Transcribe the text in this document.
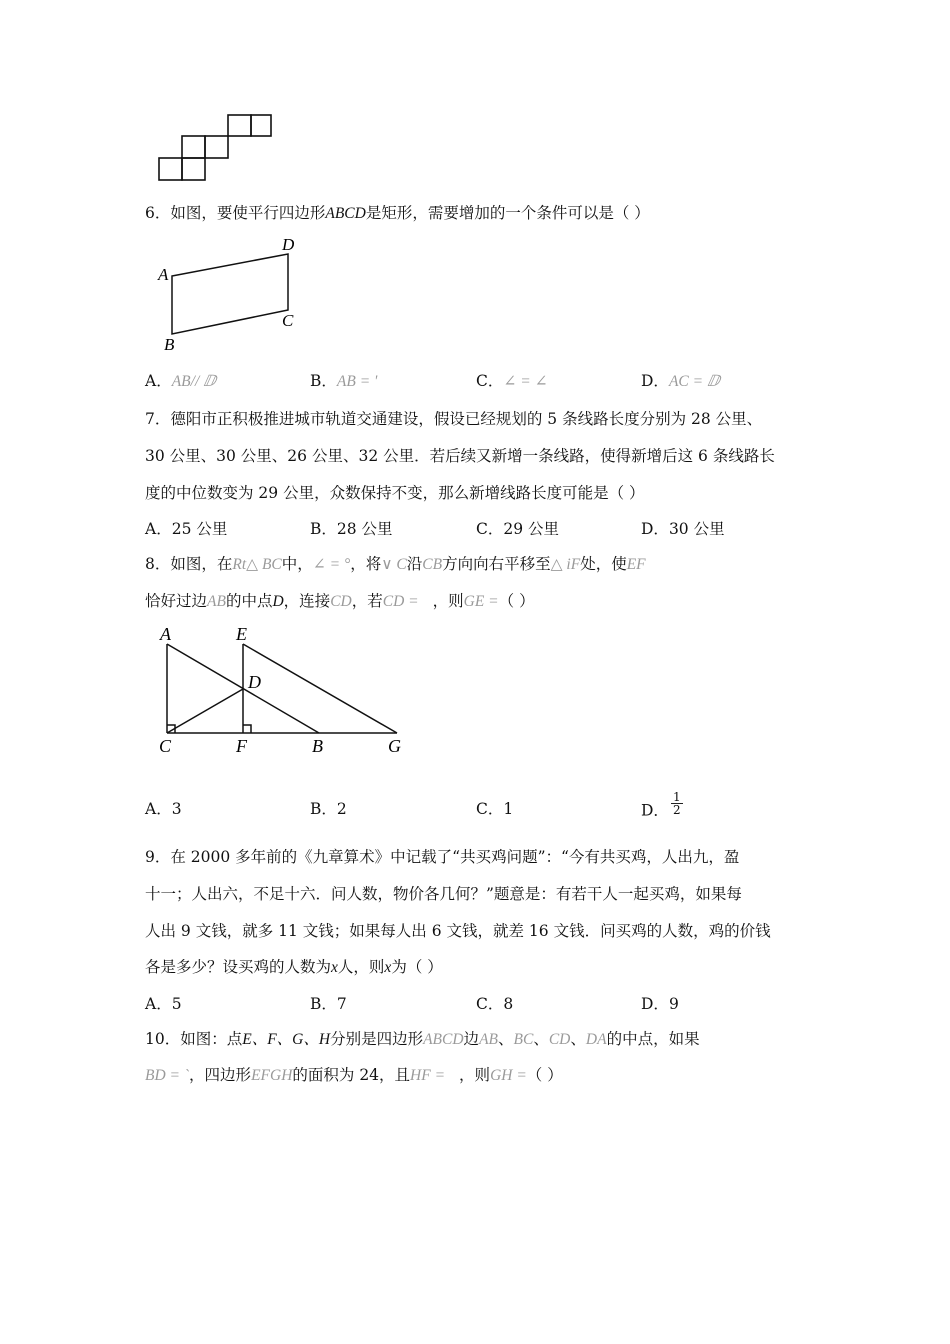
6．如图，要使平行四边形ABCD是矩形，需要增加的一个条件可以是（ ）
A
D
C
B
A．AB// ⅅ	B．AB = '	C．∠ = ∠	D．AC = ⅅ
7．德阳市正积极推进城市轨道交通建设，假设已经规划的 5 条线路长度分别为 28 公里、
30 公里、30 公里、26 公里、32 公里．若后续又新增一条线路，使得新增后这 6 条线路长
度的中位数变为 29 公里，众数保持不变，那么新增线路长度可能是（ ）
A．25 公里	B．28 公里	C．29 公里	D．30 公里
8．如图，在Rt△ BC中，∠ = °，将∨ C沿CB方向向右平移至△ iF处，使EF
恰好过边AB的中点D，连接CD，若CD = ，则GE =（ ）
A	E
D
C	F	B	G
A．3	B．2	C．1	D． $\frac{1}{2}$
9．在 2000 多年前的《九章算术》中记载了“共买鸡问题”：“今有共买鸡，人出九，盈
十一；人出六，不足十六．问人数，物价各几何？”题意是：有若干人一起买鸡，如果每
人出 9 文钱，就多 11 文钱；如果每人出 6 文钱，就差 16 文钱．问买鸡的人数，鸡的价钱
各是多少？设买鸡的人数为x人，则x为（ ）
A．5	B．7	C．8	D．9
10．如图：点E、F、G、H分别是四边形ABCD边AB、BC、CD、DA的中点，如果
BD = `，四边形EFGH的面积为 24，且HF = ，则GH =（ ）
